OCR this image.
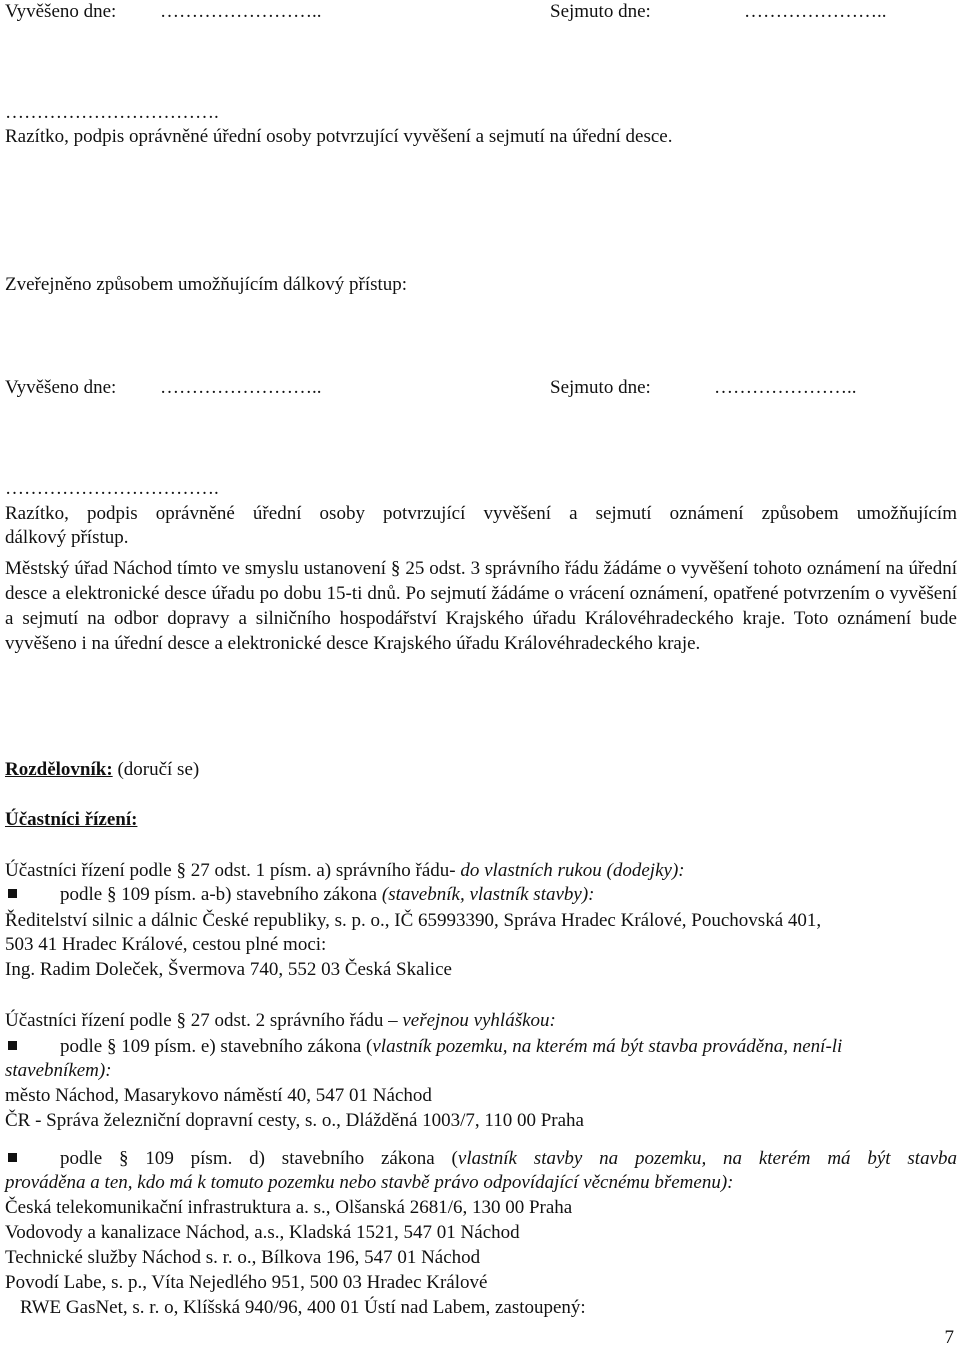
Vyvěšeno dne: ……………………..	Sejmuto dne:	…………………..
…………………………….
Razítko, podpis oprávněné úřední osoby potvrzující vyvěšení a sejmutí na úřední desce.
Zveřejněno způsobem umožňujícím dálkový přístup:
Vyvěšeno dne: ……………………..	Sejmuto dne:	…………………..
…………………………….
Razítko, podpis oprávněné úřední osoby potvrzující vyvěšení a sejmutí oznámení způsobem umožňujícím
dálkový přístup.
Městský úřad Náchod tímto ve smyslu ustanovení § 25 odst. 3 správního řádu žádáme o vyvěšení tohoto oznámení na úřední desce a elektronické desce úřadu po dobu 15-ti dnů. Po sejmutí žádáme o vrácení oznámení, opatřené potvrzením o vyvěšení a sejmutí na odbor dopravy a silničního hospodářství Krajského úřadu Královéhradeckého kraje. Toto oznámení bude vyvěšeno i na úřední desce a elektronické desce Krajského úřadu Královéhradeckého kraje.
Rozdělovník: (doručí se)
Účastníci řízení:
Účastníci řízení podle § 27 odst. 1 písm. a) správního řádu- do vlastních rukou (dodejky):
podle § 109 písm. a-b) stavebního zákona (stavebník, vlastník stavby):
Ředitelství silnic a dálnic České republiky, s. p. o., IČ 65993390, Správa Hradec Králové, Pouchovská 401,
503 41 Hradec Králové, cestou plné moci:
Ing. Radim Doleček, Švermova 740, 552 03 Česká Skalice
Účastníci řízení podle § 27 odst. 2 správního řádu – veřejnou vyhláškou:
podle § 109 písm. e) stavebního zákona (vlastník pozemku, na kterém má být stavba prováděna, není-li
stavebníkem):
město Náchod, Masarykovo náměstí 40, 547 01 Náchod
ČR - Správa železniční dopravní cesty, s. o., Dlážděná 1003/7, 110 00 Praha
podle § 109 písm. d) stavebního zákona (vlastník stavby na pozemku, na kterém má být stavba
prováděna a ten, kdo má k tomuto pozemku nebo stavbě právo odpovídající věcnému břemenu):
Česká telekomunikační infrastruktura a. s., Olšanská 2681/6, 130 00 Praha
Vodovody a kanalizace Náchod, a.s., Kladská 1521, 547 01 Náchod
Technické služby Náchod s. r. o., Bílkova 196, 547 01 Náchod
Povodí Labe, s. p., Víta Nejedlého 951, 500 03 Hradec Králové
RWE GasNet, s. r. o, Klíšská 940/96, 400 01 Ústí nad Labem, zastoupený:
7
